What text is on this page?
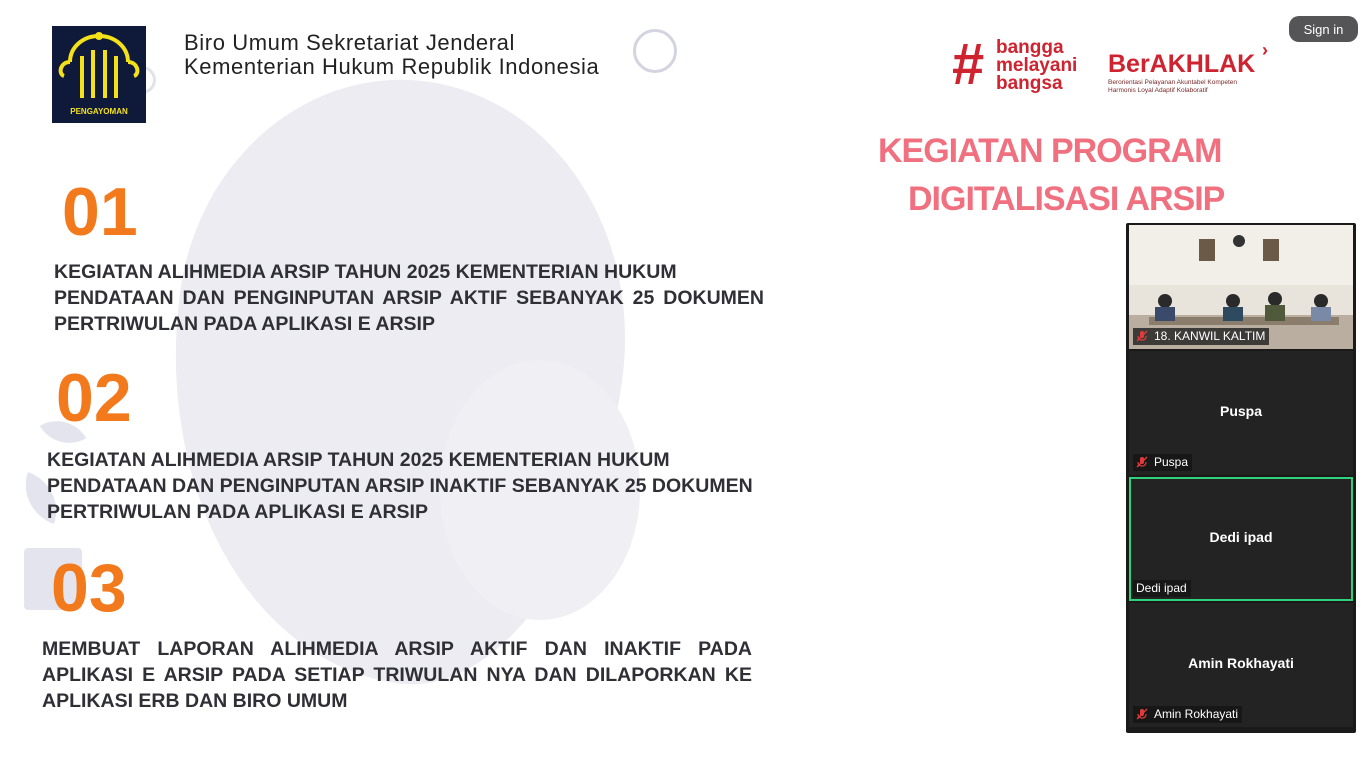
PENGAYOMAN
Biro Umum Sekretariat Jenderal
Kementerian Hukum Republik Indonesia	# bangga
melayani
bangsa
BerAKHLAK ›
Berorientasi Pelayanan Akuntabel Kompeten
Harmonis Loyal Adaptif Kolaboratif
Sign in
KEGIATAN PROGRAM
DIGITALISASI ARSIP
01
KEGIATAN ALIHMEDIA ARSIP TAHUN 2025 KEMENTERIAN HUKUM
PENDATAAN DAN PENGINPUTAN ARSIP AKTIF SEBANYAK 25 DOKUMEN
PERTRIWULAN PADA APLIKASI E ARSIP
02
KEGIATAN ALIHMEDIA ARSIP TAHUN 2025 KEMENTERIAN HUKUM
PENDATAAN DAN PENGINPUTAN ARSIP INAKTIF SEBANYAK 25 DOKUMEN
PERTRIWULAN PADA APLIKASI E ARSIP
03
MEMBUAT LAPORAN ALIHMEDIA ARSIP AKTIF DAN INAKTIF PADA
APLIKASI E ARSIP PADA SETIAP TRIWULAN NYA DAN DILAPORKAN KE
APLIKASI ERB DAN BIRO UMUM
18. KANWIL KALTIM
Puspa
Puspa
Dedi ipad
Dedi ipad
Amin Rokhayati
Amin Rokhayati
